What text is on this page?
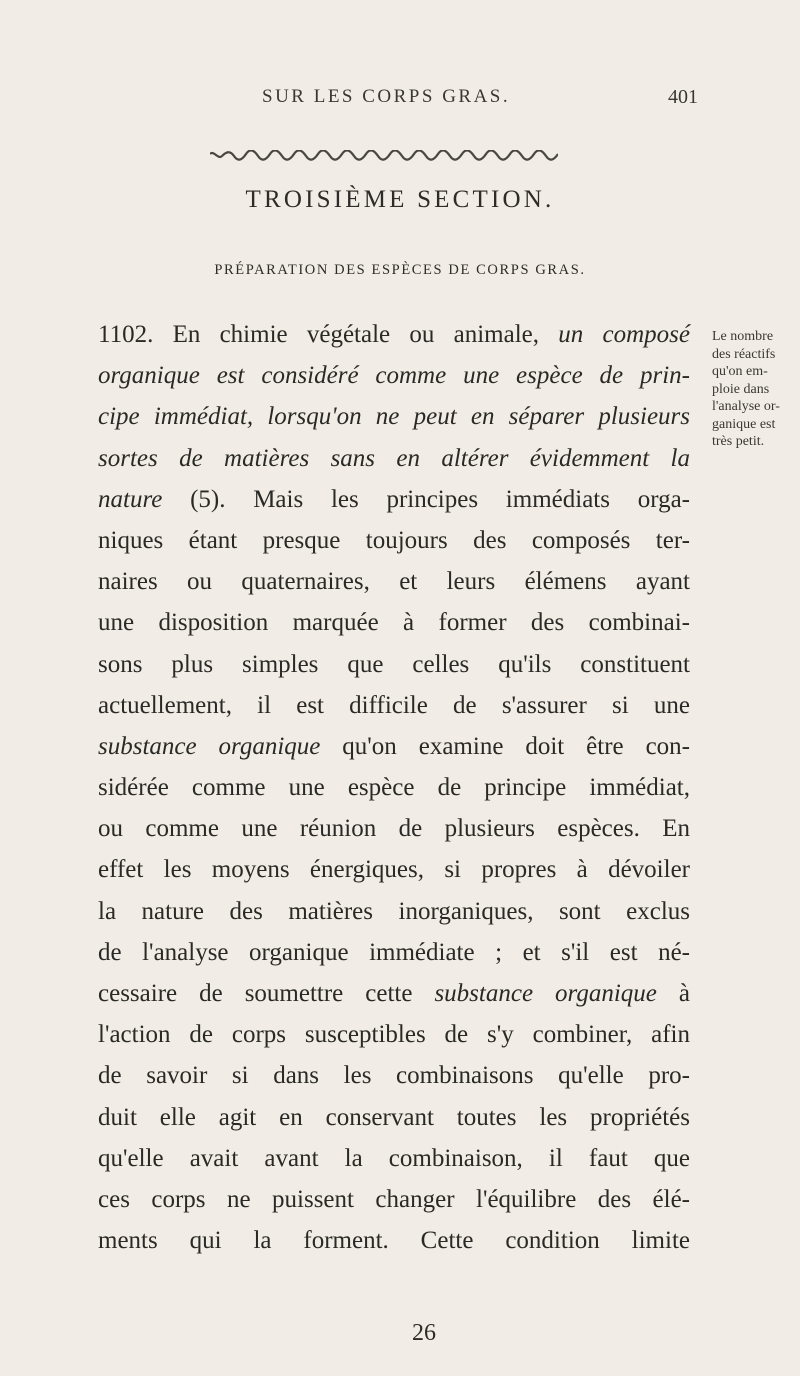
SUR LES CORPS GRAS.	401
TROISIÈME SECTION.
PRÉPARATION DES ESPÈCES DE CORPS GRAS.
1102. En chimie végétale ou animale, un composé
organique est considéré comme une espèce de prin-
cipe immédiat, lorsqu'on ne peut en séparer plusieurs
sortes de matières sans en altérer évidemment la
nature (5). Mais les principes immédiats orga-
niques étant presque toujours des composés ter-
naires ou quaternaires, et leurs élémens ayant
une disposition marquée à former des combinai-
sons plus simples que celles qu'ils constituent
actuellement, il est difficile de s'assurer si une
substance organique qu'on examine doit être con-
sidérée comme une espèce de principe immédiat,
ou comme une réunion de plusieurs espèces. En
effet les moyens énergiques, si propres à dévoiler
la nature des matières inorganiques, sont exclus
de l'analyse organique immédiate ; et s'il est né-
cessaire de soumettre cette substance organique à
l'action de corps susceptibles de s'y combiner, afin
de savoir si dans les combinaisons qu'elle pro-
duit elle agit en conservant toutes les propriétés
qu'elle avait avant la combinaison, il faut que
ces corps ne puissent changer l'équilibre des élé-
ments qui la forment. Cette condition limite
Le nombre
des réactifs
qu'on em-
ploie dans
l'analyse or-
ganique est
très petit.
26
